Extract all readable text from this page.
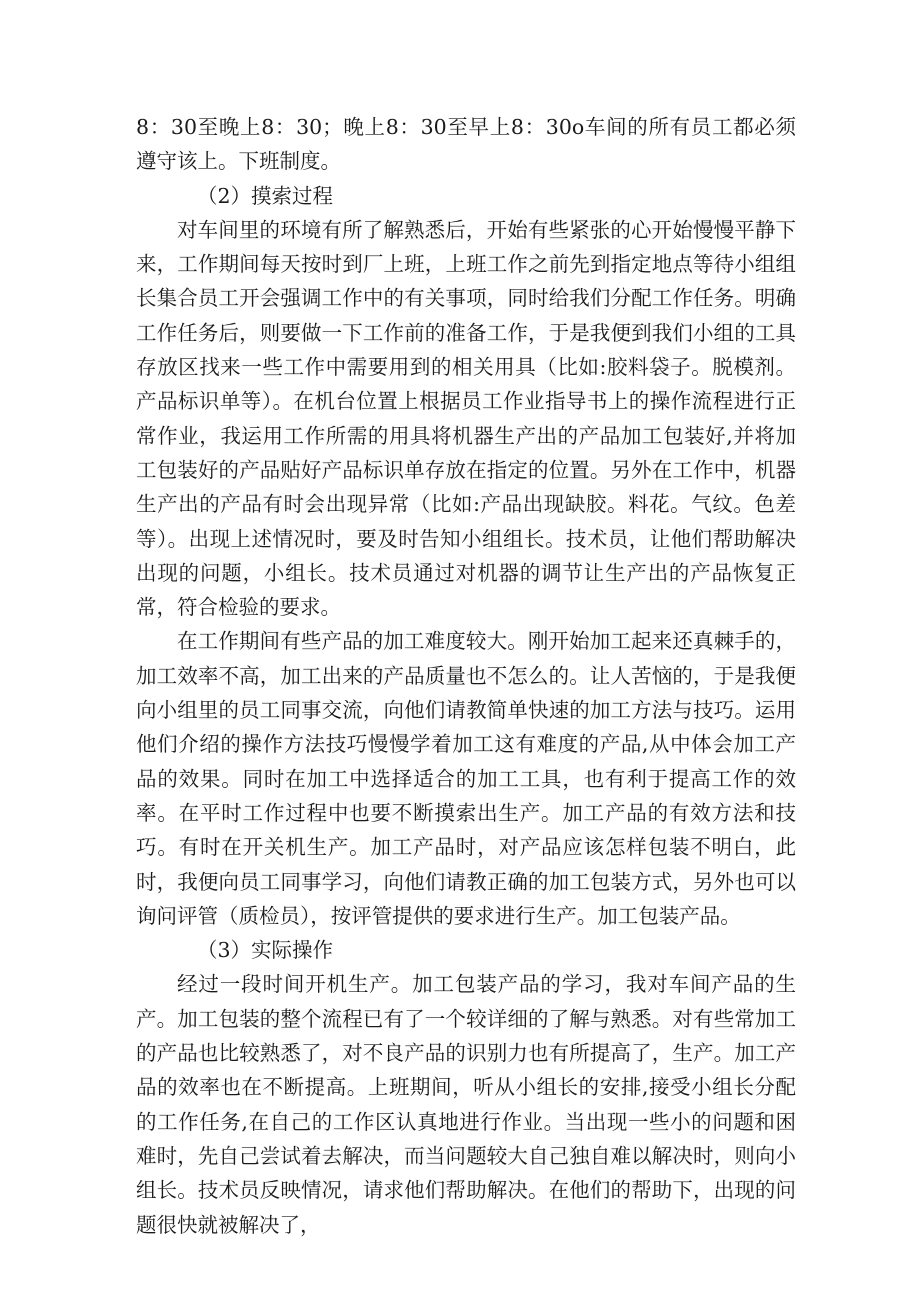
8：30至晚上8：30；晚上8：30至早上8：30o车间的所有员工都必须遵守该上。下班制度。

（2）摸索过程

对车间里的环境有所了解熟悉后，开始有些紧张的心开始慢慢平静下来，工作期间每天按时到厂上班，上班工作之前先到指定地点等待小组组长集合员工开会强调工作中的有关事项，同时给我们分配工作任务。明确工作任务后，则要做一下工作前的准备工作，于是我便到我们小组的工具存放区找来一些工作中需要用到的相关用具（比如:胶料袋子。脱模剂。产品标识单等）。在机台位置上根据员工作业指导书上的操作流程进行正常作业，我运用工作所需的用具将机器生产出的产品加工包装好,并将加工包装好的产品贴好产品标识单存放在指定的位置。另外在工作中，机器生产出的产品有时会出现异常（比如:产品出现缺胶。料花。气纹。色差等）。出现上述情况时，要及时告知小组组长。技术员，让他们帮助解决出现的问题，小组长。技术员通过对机器的调节让生产出的产品恢复正常，符合检验的要求。

在工作期间有些产品的加工难度较大。刚开始加工起来还真棘手的，加工效率不高，加工出来的产品质量也不怎么的。让人苦恼的，于是我便向小组里的员工同事交流，向他们请教简单快速的加工方法与技巧。运用他们介绍的操作方法技巧慢慢学着加工这有难度的产品,从中体会加工产品的效果。同时在加工中选择适合的加工工具，也有利于提高工作的效率。在平时工作过程中也要不断摸索出生产。加工产品的有效方法和技巧。有时在开关机生产。加工产品时，对产品应该怎样包装不明白，此时，我便向员工同事学习，向他们请教正确的加工包装方式，另外也可以询问评管（质检员），按评管提供的要求进行生产。加工包装产品。

（3）实际操作

经过一段时间开机生产。加工包装产品的学习，我对车间产品的生产。加工包装的整个流程已有了一个较详细的了解与熟悉。对有些常加工的产品也比较熟悉了，对不良产品的识别力也有所提高了，生产。加工产品的效率也在不断提高。上班期间，听从小组长的安排,接受小组长分配的工作任务,在自己的工作区认真地进行作业。当出现一些小的问题和困难时，先自己尝试着去解决，而当问题较大自己独自难以解决时，则向小组长。技术员反映情况，请求他们帮助解决。在他们的帮助下，出现的问题很快就被解决了，
